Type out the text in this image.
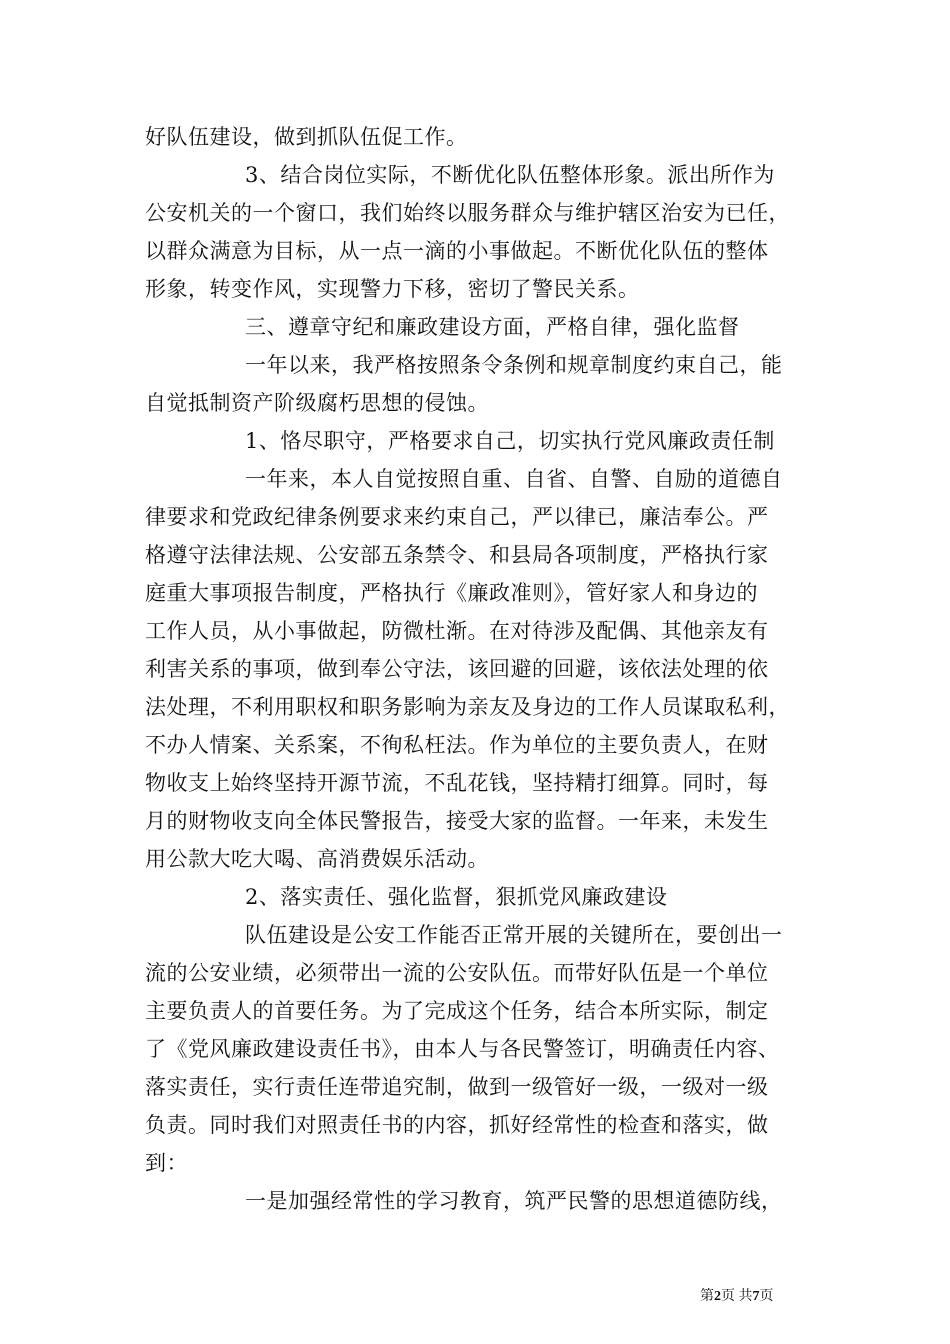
好队伍建设，做到抓队伍促工作。
3、结合岗位实际，不断优化队伍整体形象。派出所作为
公安机关的一个窗口，我们始终以服务群众与维护辖区治安为已任，
以群众满意为目标，从一点一滴的小事做起。不断优化队伍的整体
形象，转变作风，实现警力下移，密切了警民关系。
三、遵章守纪和廉政建设方面，严格自律，强化监督
一年以来，我严格按照条令条例和规章制度约束自己，能
自觉抵制资产阶级腐朽思想的侵蚀。
1、恪尽职守，严格要求自己，切实执行党风廉政责任制
一年来，本人自觉按照自重、自省、自警、自励的道德自
律要求和党政纪律条例要求来约束自己，严以律已，廉洁奉公。严
格遵守法律法规、公安部五条禁令、和县局各项制度，严格执行家
庭重大事项报告制度，严格执行《廉政准则》，管好家人和身边的
工作人员，从小事做起，防微杜渐。在对待涉及配偶、其他亲友有
利害关系的事项，做到奉公守法，该回避的回避，该依法处理的依
法处理，不利用职权和职务影响为亲友及身边的工作人员谋取私利，
不办人情案、关系案，不徇私枉法。作为单位的主要负责人，在财
物收支上始终坚持开源节流，不乱花钱，坚持精打细算。同时，每
月的财物收支向全体民警报告，接受大家的监督。一年来，未发生
用公款大吃大喝、高消费娱乐活动。
2、落实责任、强化监督，狠抓党风廉政建设
队伍建设是公安工作能否正常开展的关键所在，要创出一
流的公安业绩，必须带出一流的公安队伍。而带好队伍是一个单位
主要负责人的首要任务。为了完成这个任务，结合本所实际，制定
了《党风廉政建设责任书》，由本人与各民警签订，明确责任内容、
落实责任，实行责任连带追究制，做到一级管好一级，一级对一级
负责。同时我们对照责任书的内容，抓好经常性的检查和落实，做
到：
一是加强经常性的学习教育，筑严民警的思想道德防线，
第2页 共7页
